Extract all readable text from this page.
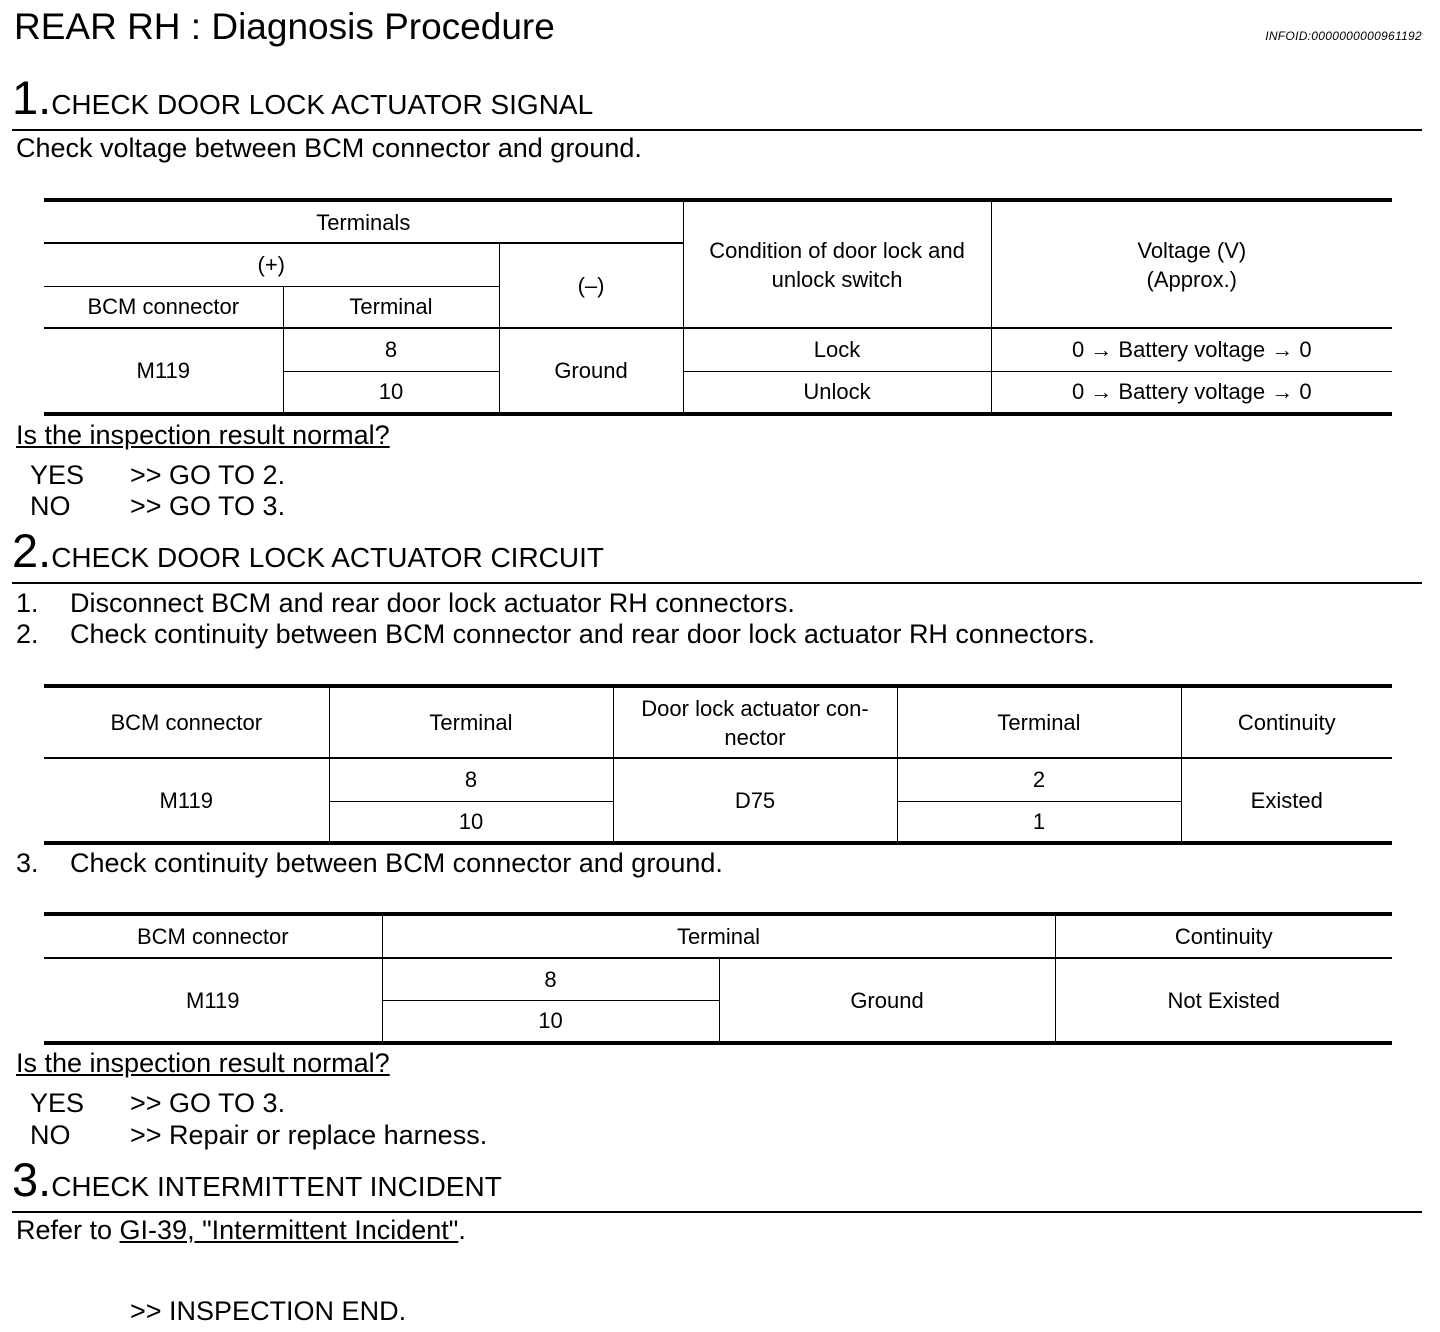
REAR RH : Diagnosis Procedure	INFOID:0000000000961192
1.CHECK DOOR LOCK ACTUATOR SIGNAL
Check voltage between BCM connector and ground.
Terminals			Condition of door lock and unlock switch	Voltage (V)
(Approx.)
(+)		(–)		
BCM connector	Terminal			
M119	8	Ground	Lock	0 → Battery voltage → 0
	10		Unlock	0 → Battery voltage → 0
Is the inspection result normal?
YES >> GO TO 2.
NO >> GO TO 3.
2.CHECK DOOR LOCK ACTUATOR CIRCUIT
1. Disconnect BCM and rear door lock actuator RH connectors.
2. Check continuity between BCM connector and rear door lock actuator RH connectors.
BCM connector	Terminal	Door lock actuator con-
nector	Terminal	Continuity
M119	8	D75	2	Existed
	10		1	
3. Check continuity between BCM connector and ground.
BCM connector	Terminal		Continuity
M119	8	Ground	Not Existed
	10		
Is the inspection result normal?
YES >> GO TO 3.
NO >> Repair or replace harness.
3.CHECK INTERMITTENT INCIDENT
Refer to GI-39, "Intermittent Incident".
>> INSPECTION END.
